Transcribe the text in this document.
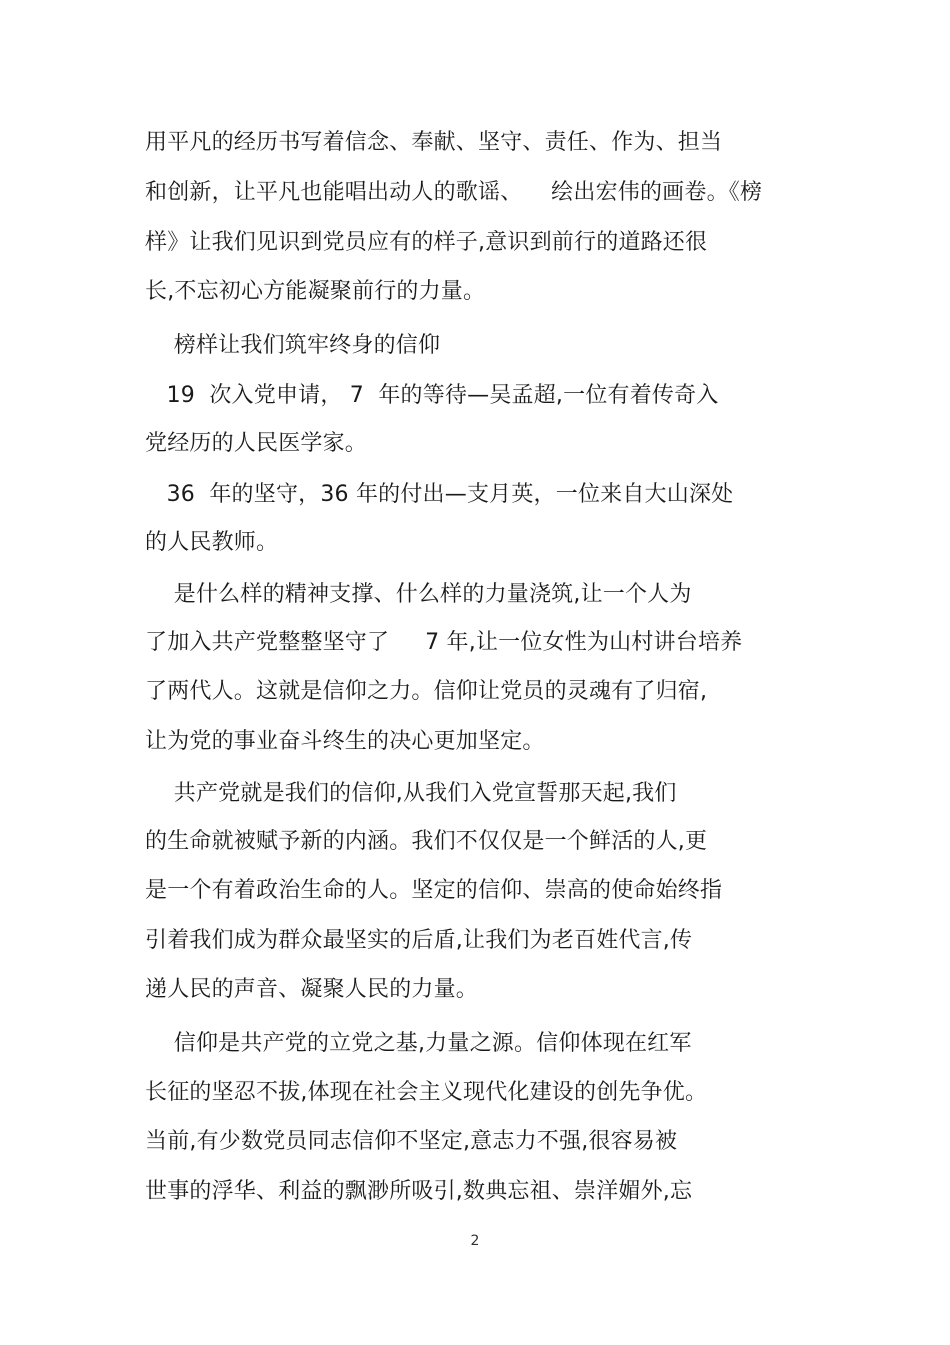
用平凡的经历书写着信念、奉献、坚守、责任、作为、担当
和创新，让平凡也能唱出动人的歌谣、    绘出宏伟的画卷。《榜
样》让我们见识到党员应有的样子,意识到前行的道路还很
长,不忘初心方能凝聚前行的力量。
榜样让我们筑牢终身的信仰
19  次入党申请， 7  年的等待—吴孟超,一位有着传奇入
党经历的人民医学家。
36  年的坚守，36 年的付出—支月英，一位来自大山深处
的人民教师。
是什么样的精神支撑、什么样的力量浇筑,让一个人为
了加入共产党整整坚守了     7 年,让一位女性为山村讲台培养
了两代人。这就是信仰之力。信仰让党员的灵魂有了归宿,
让为党的事业奋斗终生的决心更加坚定。
共产党就是我们的信仰,从我们入党宣誓那天起,我们
的生命就被赋予新的内涵。我们不仅仅是一个鲜活的人,更
是一个有着政治生命的人。坚定的信仰、崇高的使命始终指
引着我们成为群众最坚实的后盾,让我们为老百姓代言,传
递人民的声音、凝聚人民的力量。
信仰是共产党的立党之基,力量之源。信仰体现在红军
长征的坚忍不拔,体现在社会主义现代化建设的创先争优。
当前,有少数党员同志信仰不坚定,意志力不强,很容易被
世事的浮华、利益的飘渺所吸引,数典忘祖、崇洋媚外,忘
2
